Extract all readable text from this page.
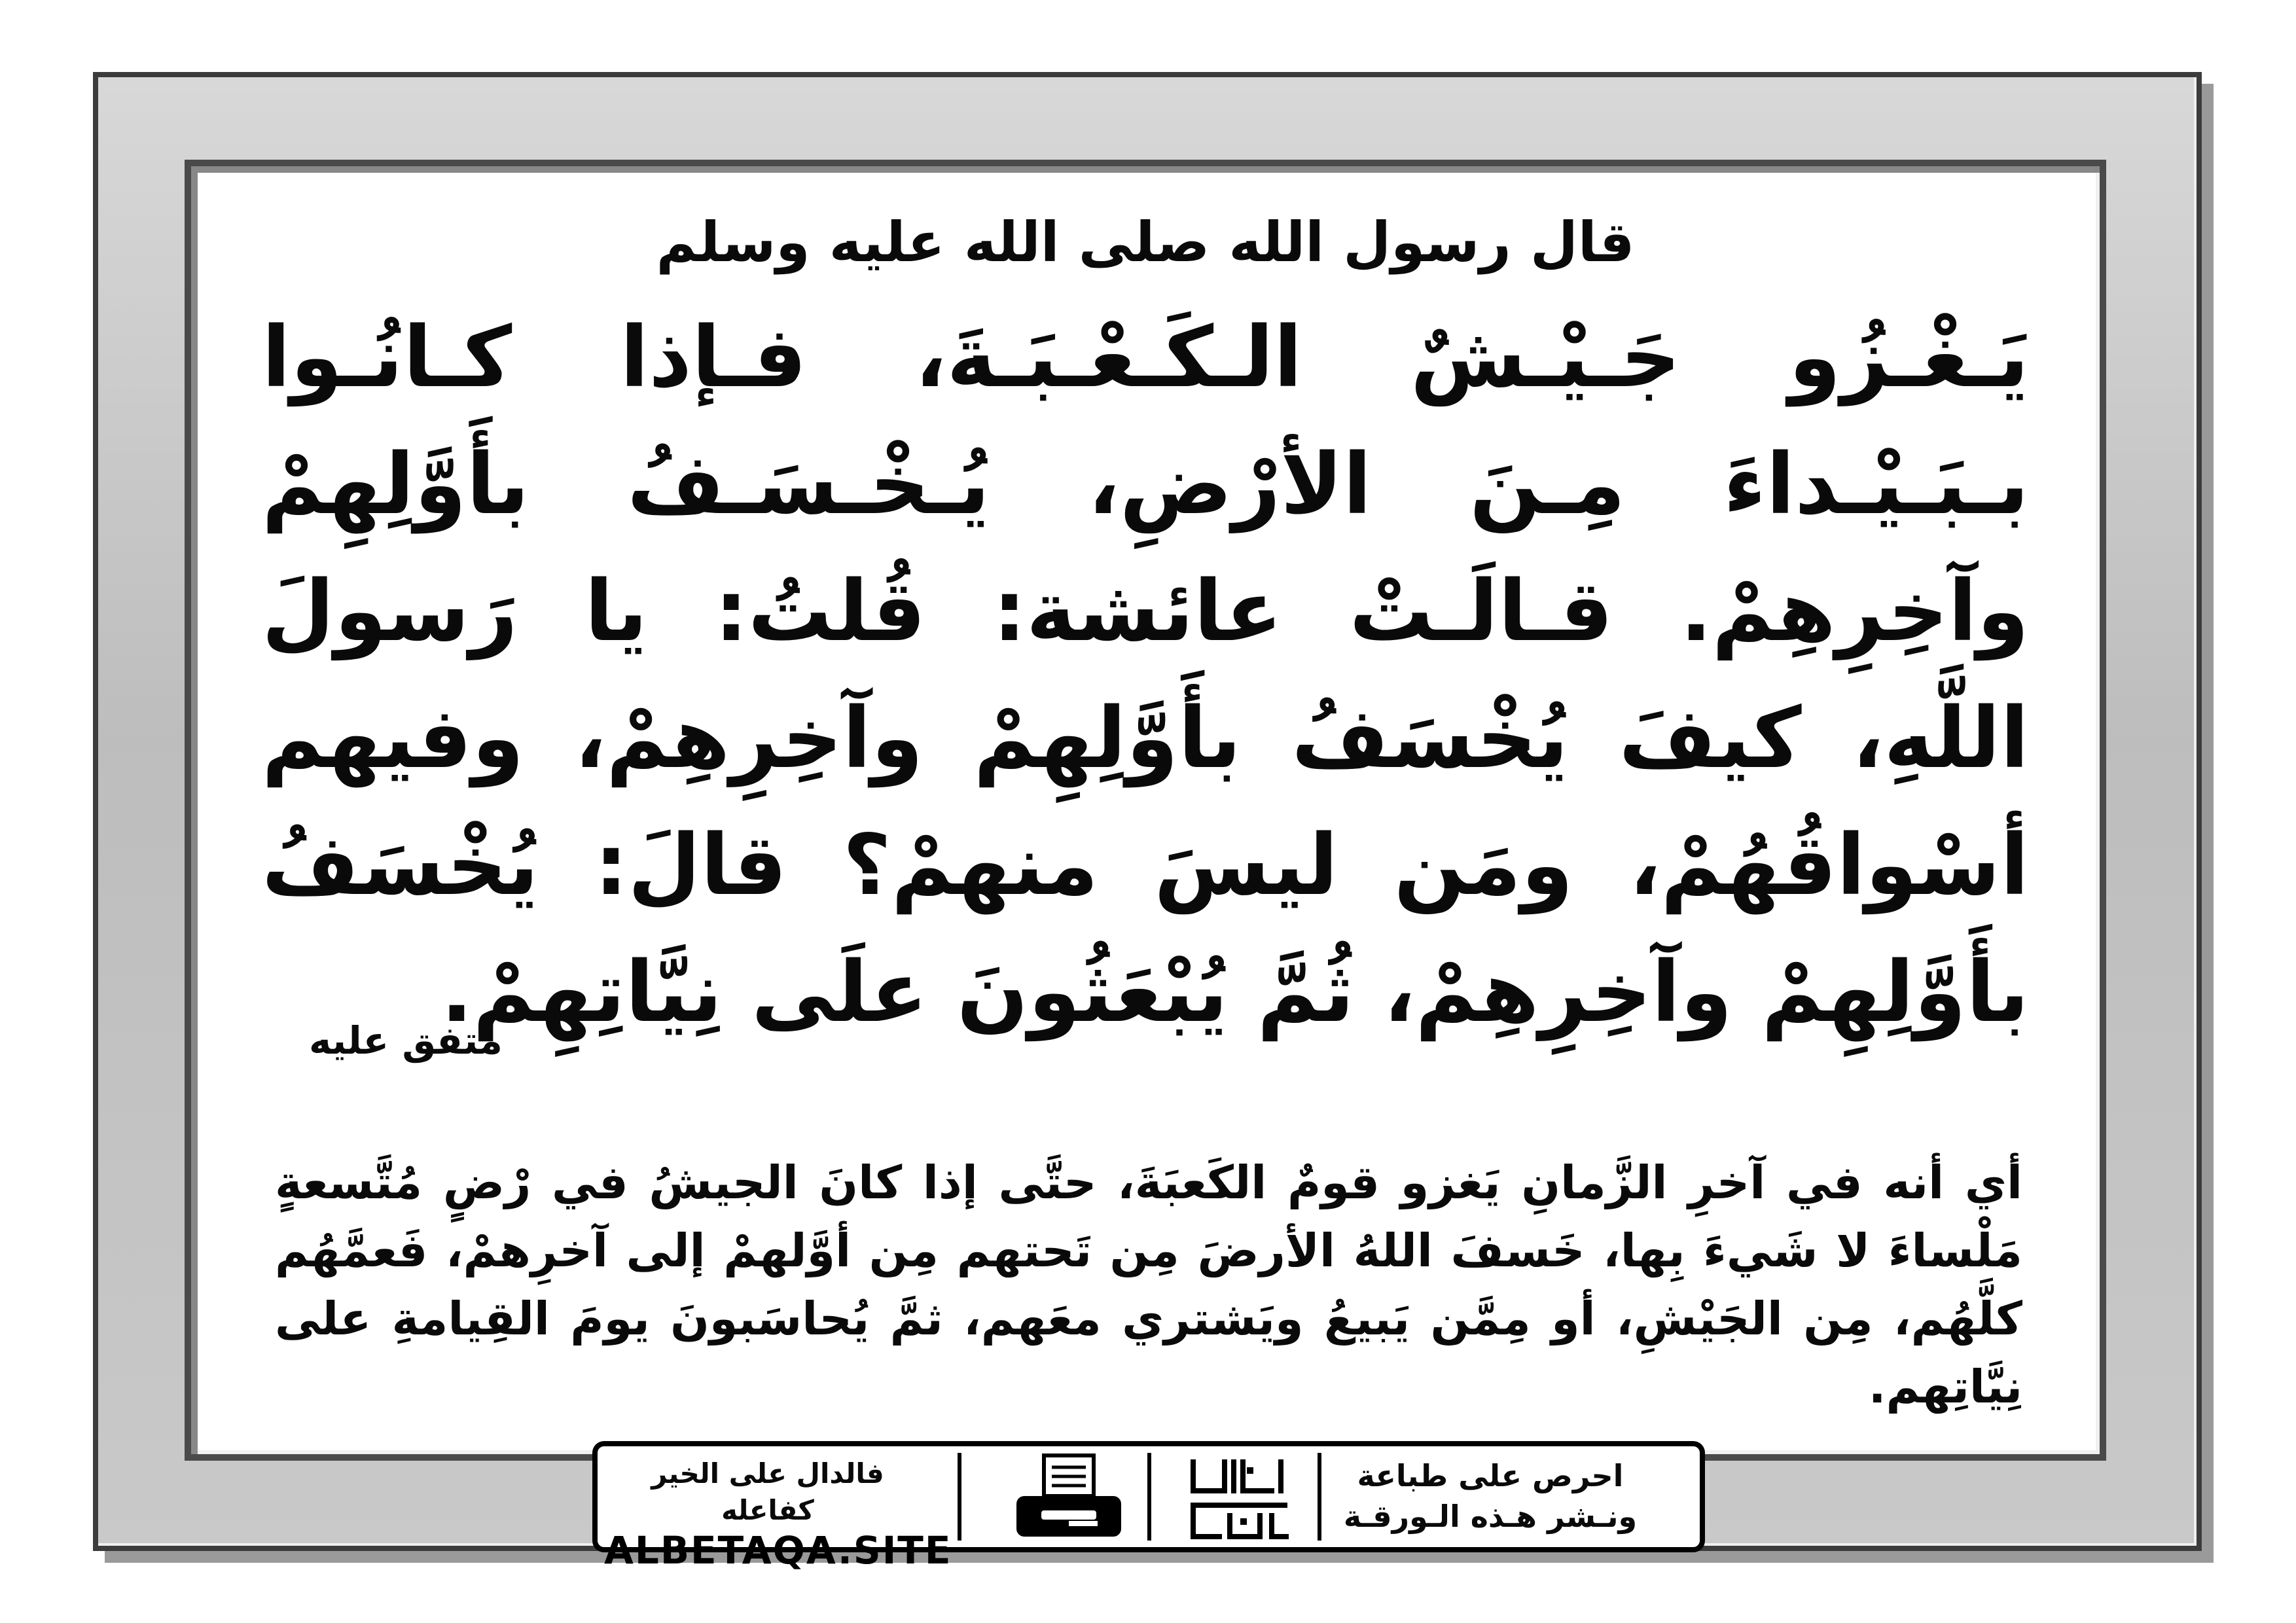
قال رسول الله صلى الله عليه وسلم
يَـغْـزُو جَـيْـشٌ الـكَـعْـبَـةَ، فـإذا كـانُـوا بـبَـيْـداءَ مِـنَ الأرْضِ، يُـخْـسَـفُ بأَوَّلِهِمْ وآخِرِهِمْ. قـالَـتْ عائشة: قُلتُ: يا رَسولَ اللَّهِ، كيفَ يُخْسَفُ بأَوَّلِهِمْ وآخِرِهِمْ، وفيهم أسْواقُهُمْ، ومَن ليسَ منهمْ؟ قالَ: يُخْسَفُ بأَوَّلِهِمْ وآخِرِهِمْ، ثُمَّ يُبْعَثُونَ علَى نِيَّاتِهِمْ.
متفق عليه
أي أنه في آخرِ الزَّمانِ يَغزو قومٌ الكَعبَةَ، حتَّى إذا كانَ الجيشُ في رْضٍ مُتَّسعةٍ مَلْساءَ لا شَيءَ بِها، خَسفَ اللهُ الأرضَ مِن تَحتهم مِن أوَّلهمْ إلى آخرِهمْ، فَعمَّهُم كلَّهُم، مِن الجَيْشِ، أو مِمَّن يَبيعُ ويَشتري معَهم، ثمَّ يُحاسَبونَ يومَ القِيامةِ على نِيَّاتِهم.
فالدال على الخير كفاعله
ALBETAQA.SITE
احرص على طباعة
ونـشر هـذه الـورقـة
